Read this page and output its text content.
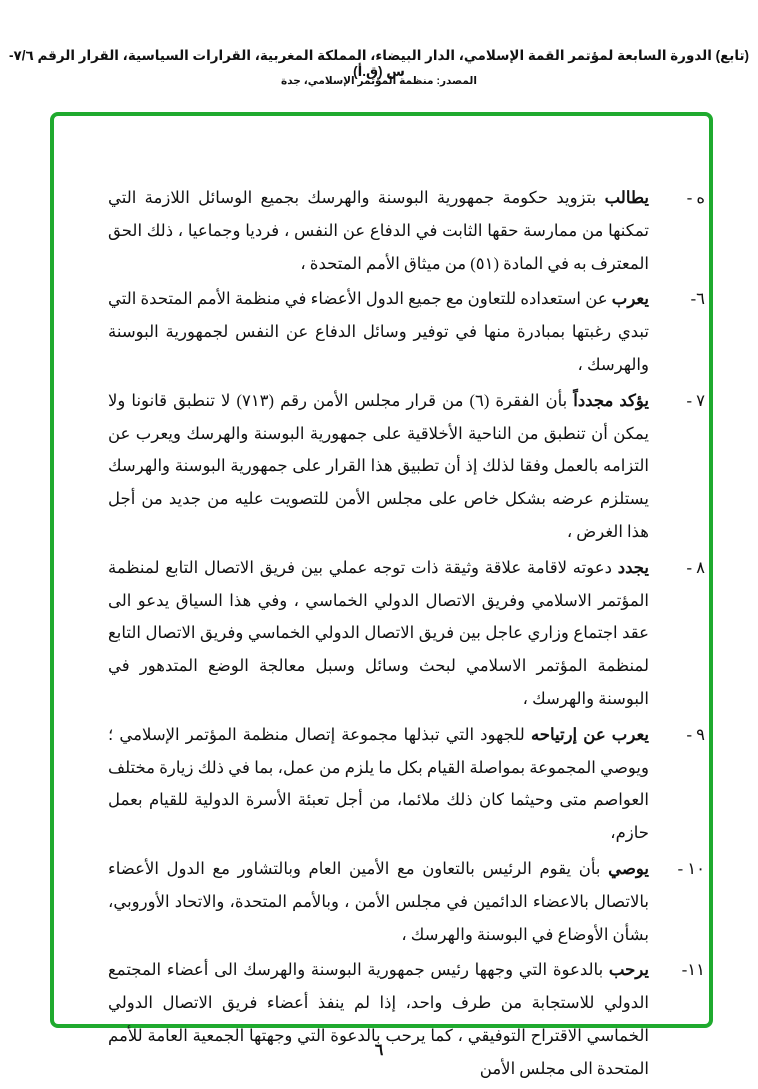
(تابع) الدورة السابعة لمؤتمر القمة الإسلامي، الدار البيضاء، المملكة المغربية، القرارات السياسية، القرار الرقم ٧/٦-س (ق.أ)
المصدر: منظمة المؤتمر الإسلامي، جدة
ه -
يطالب بتزويد حكومة جمهورية البوسنة والهرسك بجميع الوسائل اللازمة التي تمكنها من ممارسة حقها الثابت في الدفاع عن النفس ، فرديا وجماعيا ، ذلك الحق المعترف به في المادة (٥١) من ميثاق الأمم المتحدة ،
٦-
يعرب عن استعداده للتعاون مع جميع الدول الأعضاء في منظمة الأمم المتحدة التي تبدي رغبتها بمبادرة منها في توفير وسائل الدفاع عن النفس لجمهورية البوسنة والهرسك ،
٧ -
يؤكد مجدداً بأن الفقرة (٦) من قرار مجلس الأمن رقم (٧١٣) لا تنطبق قانونا ولا يمكن أن تنطبق من الناحية الأخلاقية على جمهورية البوسنة والهرسك ويعرب عن التزامه بالعمل وفقا لذلك إذ أن تطبيق هذا القرار على جمهورية البوسنة والهرسك يستلزم عرضه بشكل خاص على مجلس الأمن للتصويت عليه من جديد من أجل هذا الغرض ،
٨ -
يجدد دعوته لاقامة علاقة وثيقة ذات توجه عملي بين فريق الاتصال التابع لمنظمة المؤتمر الاسلامي وفريق الاتصال الدولي الخماسي ، وفي هذا السياق يدعو الى عقد اجتماع وزاري عاجل بين فريق الاتصال الدولي الخماسي وفريق الاتصال التابع لمنظمة المؤتمر الاسلامي لبحث وسائل وسبل معالجة الوضع المتدهور في البوسنة والهرسك ،
٩ -
يعرب عن إرتياحه للجهود التي تبذلها مجموعة إتصال منظمة المؤتمر الإسلامي ؛ ويوصي المجموعة بمواصلة القيام بكل ما يلزم من عمل، بما في ذلك زيارة مختلف العواصم متى وحيثما كان ذلك ملائما، من أجل تعبئة الأسرة الدولية للقيام بعمل حازم،
١٠ -
يوصي بأن يقوم الرئيس بالتعاون مع الأمين العام وبالتشاور مع الدول الأعضاء بالاتصال بالاعضاء الدائمين في مجلس الأمن ، وبالأمم المتحدة، والاتحاد الأوروبي، بشأن الأوضاع في البوسنة والهرسك ،
١١-
يرحب بالدعوة التي وجهها رئيس جمهورية البوسنة والهرسك الى أعضاء المجتمع الدولي للاستجابة من طرف واحد، إذا لم ينفذ أعضاء فريق الاتصال الدولي الخماسي الاقتراح التوفيقي ، كما يرحب بالدعوة التي وجهتها الجمعية العامة للأمم المتحدة الى مجلس الأمن
٦
